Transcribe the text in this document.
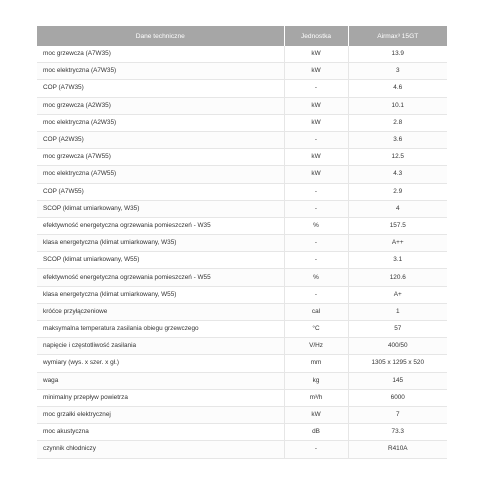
Dane techniczne	Jednostka	Airmax³ 15GT
moc grzewcza (A7W35)	kW	13.9
moc elektryczna (A7W35)	kW	3
COP (A7W35)	-	4.6
moc grzewcza (A2W35)	kW	10.1
moc elektryczna (A2W35)	kW	2.8
COP (A2W35)	-	3.6
moc grzewcza (A7W55)	kW	12.5
moc elektryczna (A7W55)	kW	4.3
COP (A7W55)	-	2.9
SCOP (klimat umiarkowany, W35)	-	4
efektywność energetyczna ogrzewania pomieszczeń - W35	%	157.5
klasa energetyczna (klimat umiarkowany, W35)	-	A++
SCOP (klimat umiarkowany, W55)	-	3.1
efektywność energetyczna ogrzewania pomieszczeń - W55	%	120.6
klasa energetyczna (klimat umiarkowany, W55)	-	A+
króćce przyłączeniowe	cal	1
maksymalna temperatura zasilania obiegu grzewczego	°C	57
napięcie i częstotliwość zasilania	V/Hz	400/50
wymiary (wys. x szer. x gł.)	mm	1305 x 1295 x 520
waga	kg	145
minimalny przepływ powietrza	m³/h	6000
moc grzałki elektrycznej	kW	7
moc akustyczna	dB	73.3
czynnik chłodniczy	-	R410A
